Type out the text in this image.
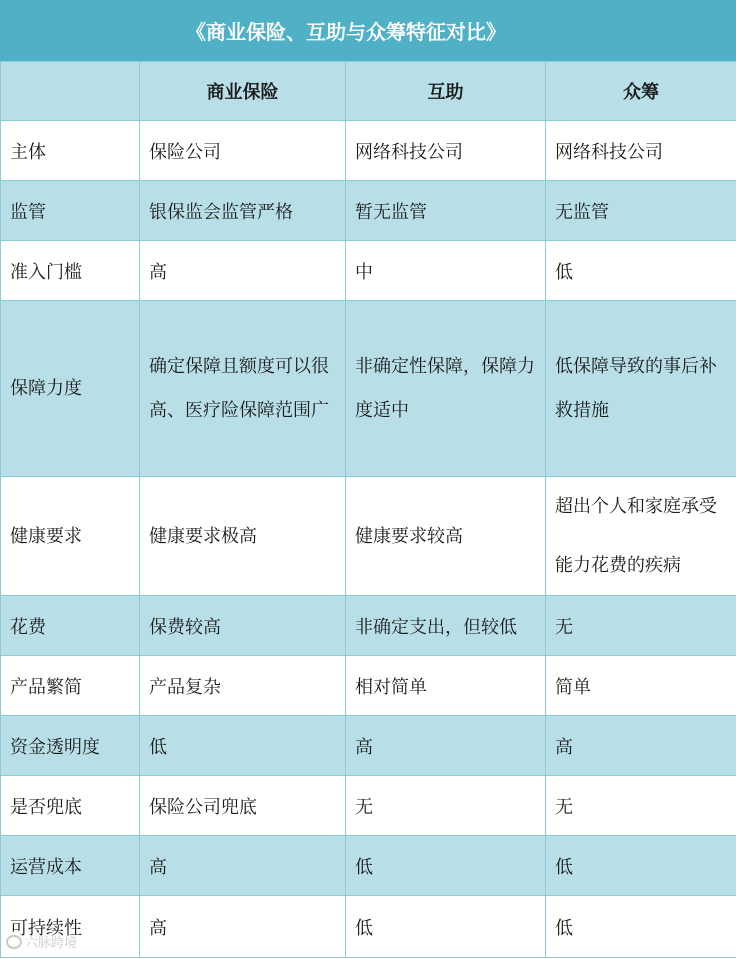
《商业保险、互助与众筹特征对比》
	商业保险	互助	众筹
主体	保险公司	网络科技公司	网络科技公司
监管	银保监会监管严格	暂无监管	无监管
准入门槛	高	中	低
保障力度	确定保障且额度可以很高、医疗险保障范围广	非确定性保障，保障力度适中	低保障导致的事后补救措施
健康要求	健康要求极高	健康要求较高	超出个人和家庭承受能力花费的疾病
花费	保费较高	非确定支出，但较低	无
产品繁简	产品复杂	相对简单	简单
资金透明度	低	高	高
是否兜底	保险公司兜底	无	无
运营成本	高	低	低
可持续性	高	低	低
六脉跨境
